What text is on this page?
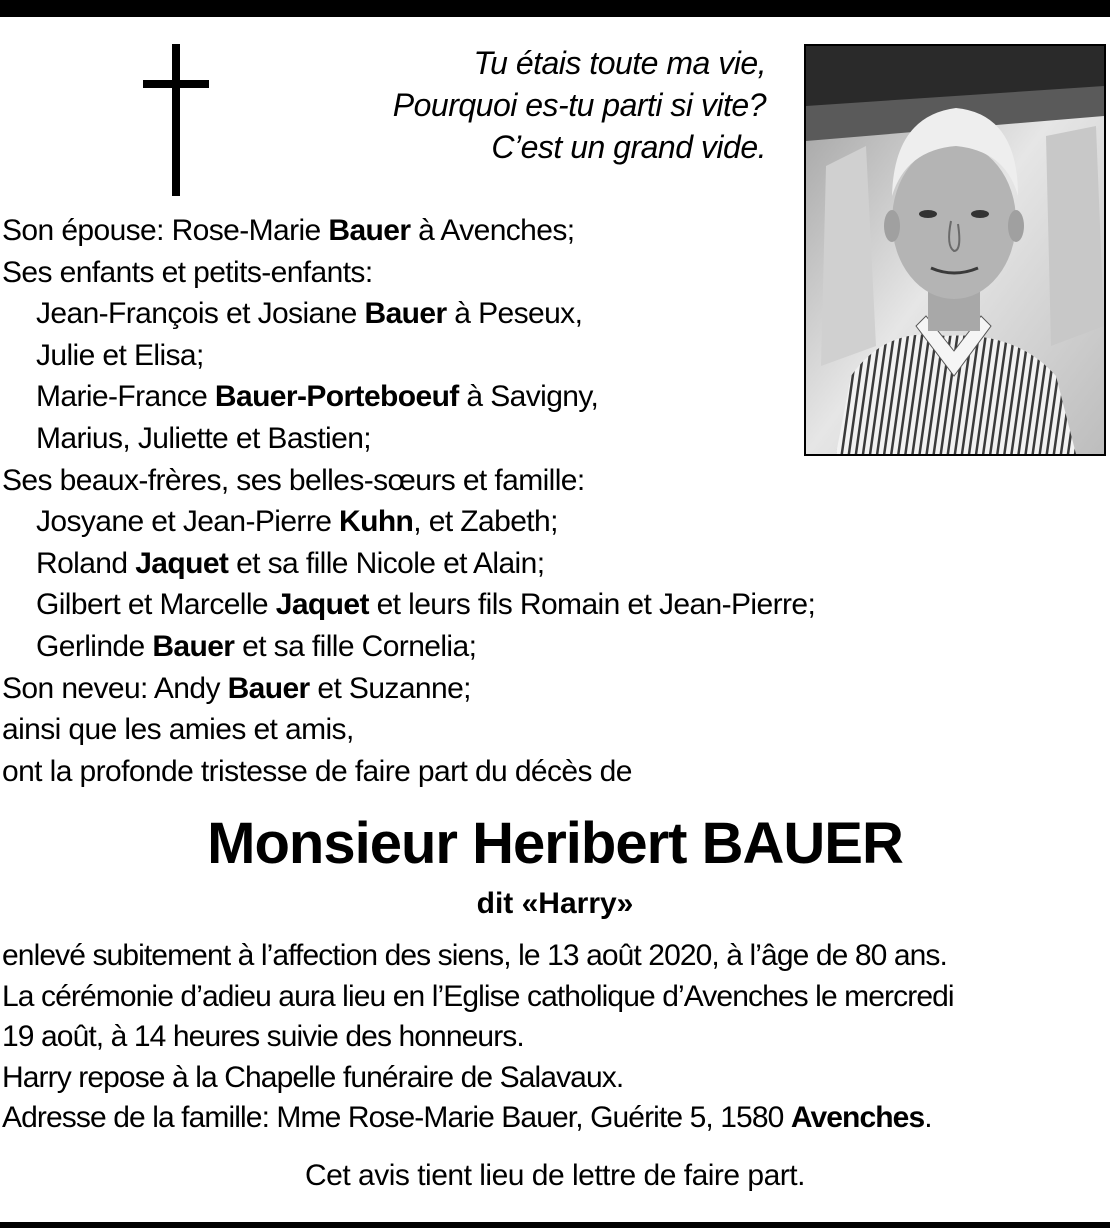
Tu étais toute ma vie,
Pourquoi es-tu parti si vite?
C’est un grand vide.
Son épouse: Rose-Marie Bauer à Avenches;
Ses enfants et petits-enfants:
Jean-François et Josiane Bauer à Peseux,
Julie et Elisa;
Marie-France Bauer-Porteboeuf à Savigny,
Marius, Juliette et Bastien;
Ses beaux-frères, ses belles-sœurs et famille:
Josyane et Jean-Pierre Kuhn, et Zabeth;
Roland Jaquet et sa fille Nicole et Alain;
Gilbert et Marcelle Jaquet et leurs fils Romain et Jean-Pierre;
Gerlinde Bauer et sa fille Cornelia;
Son neveu: Andy Bauer et Suzanne;
ainsi que les amies et amis,
ont la profonde tristesse de faire part du décès de
Monsieur Heribert BAUER
dit «Harry»
enlevé subitement à l’affection des siens, le 13 août 2020, à l’âge de 80 ans.
La cérémonie d’adieu aura lieu en l’Eglise catholique d’Avenches le mercredi
19 août, à 14 heures suivie des honneurs.
Harry repose à la Chapelle funéraire de Salavaux.
Adresse de la famille: Mme Rose-Marie Bauer, Guérite 5, 1580 Avenches.
Cet avis tient lieu de lettre de faire part.
